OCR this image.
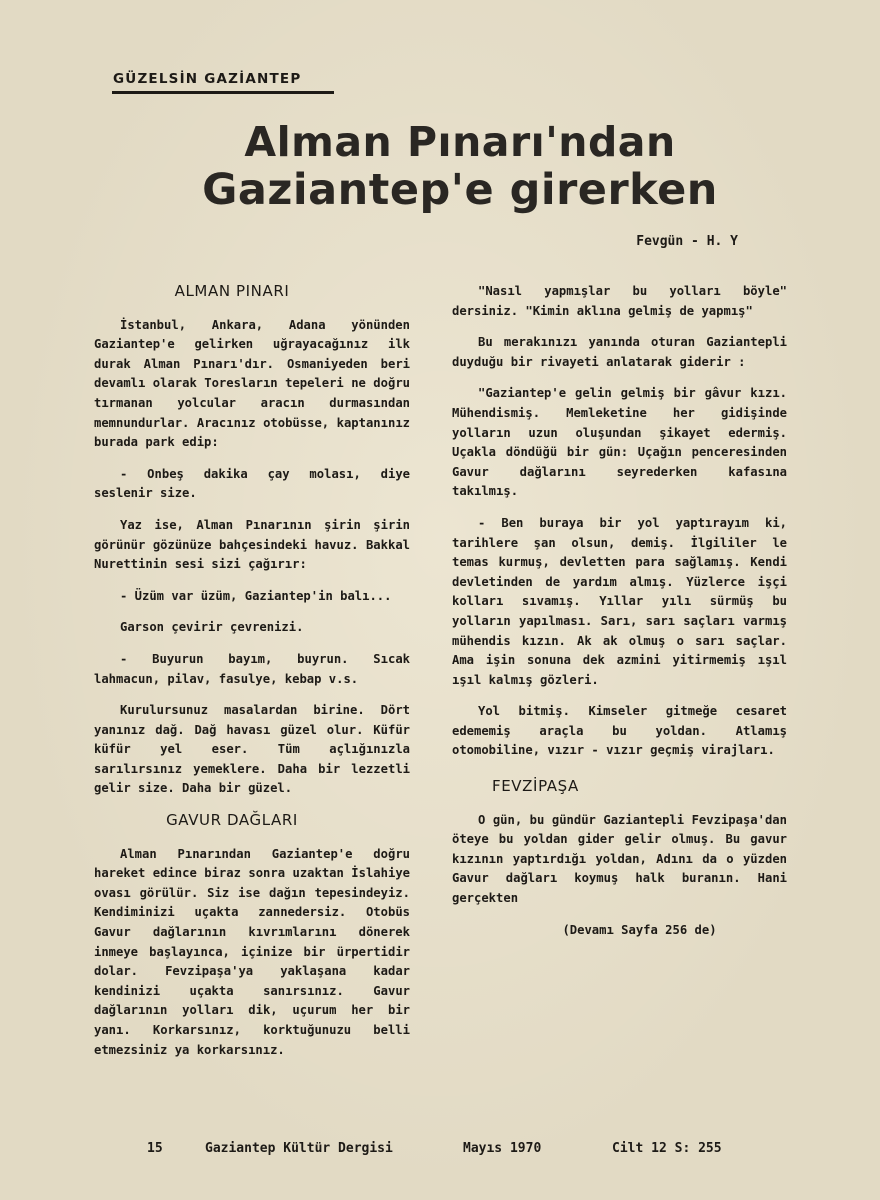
GÜZELSİN GAZİANTEP
Alman Pınarı'ndan
Gaziantep'e girerken
Fevgün - H. Y
ALMAN PINARI

İstanbul, Ankara, Adana yönünden Gaziantep'e gelirken uğrayacağınız ilk durak Alman Pınarı'dır. Osmaniyeden beri devamlı olarak Toresların tepeleri ne doğru tırmanan yolcular aracın durmasından memnundurlar. Aracınız otobüsse, kaptanınız burada park edip:

- Onbeş dakika çay molası, diye seslenir size.

Yaz ise, Alman Pınarının şirin şirin görünür gözünüze bahçesindeki havuz. Bakkal Nurettinin sesi sizi çağırır:

- Üzüm var üzüm, Gaziantep'in balı...

Garson çevirir çevrenizi.

- Buyurun bayım, buyrun. Sıcak lahmacun, pilav, fasulye, kebap v.s.

Kurulursunuz masalardan birine. Dört yanınız dağ. Dağ havası güzel olur. Küfür küfür yel eser. Tüm açlığınızla sarılırsınız yemeklere. Daha bir lezzetli gelir size. Daha bir güzel.

GAVUR DAĞLARI

Alman Pınarından Gaziantep'e doğru hareket edince biraz sonra uzaktan İslahiye ovası görülür. Siz ise dağın tepesindeyiz. Kendiminizi uçakta zannedersiz. Otobüs Gavur dağlarının kıvrımlarını dönerek inmeye başlayınca, içinize bir ürpertidir dolar. Fevzipaşa'ya yaklaşana kadar kendinizi uçakta sanırsınız. Gavur dağlarının yolları dik, uçurum her bir yanı. Korkarsınız, korktuğunuzu belli etmezsiniz ya korkarsınız.

"Nasıl yapmışlar bu yolları böyle" dersiniz. "Kimin aklına gelmiş de yapmış"

Bu merakınızı yanında oturan Gaziantepli duyduğu bir rivayeti anlatarak giderir :

"Gaziantep'e gelin gelmiş bir gâvur kızı. Mühendismiş. Memleketine her gidişinde yolların uzun oluşundan şikayet edermiş. Uçakla döndüğü bir gün: Uçağın penceresinden Gavur dağlarını seyrederken kafasına takılmış.

- Ben buraya bir yol yaptırayım ki, tarihlere şan olsun, demiş. İlgililer le temas kurmuş, devletten para sağlamış. Kendi devletinden de yardım almış. Yüzlerce işçi kolları sıvamış. Yıllar yılı sürmüş bu yolların yapılması. Sarı, sarı saçları varmış mühendis kızın. Ak ak olmuş o sarı saçlar. Ama işin sonuna dek azmini yitirmemiş ışıl ışıl kalmış gözleri.

Yol bitmiş. Kimseler gitmeğe cesaret edememiş araçla bu yoldan. Atlamış otomobiline, vızır - vızır geçmiş virajları.

FEVZİPAŞA

O gün, bu gündür Gaziantepli Fevzipaşa'dan öteye bu yoldan gider gelir olmuş. Bu gavur kızının yaptırdığı yoldan, Adını da o yüzden Gavur dağları koymuş halk buranın. Hani gerçekten

(Devamı Sayfa 256 de)

15	Gaziantep Kültür Dergisi	Mayıs 1970	Cilt 12 S: 255
